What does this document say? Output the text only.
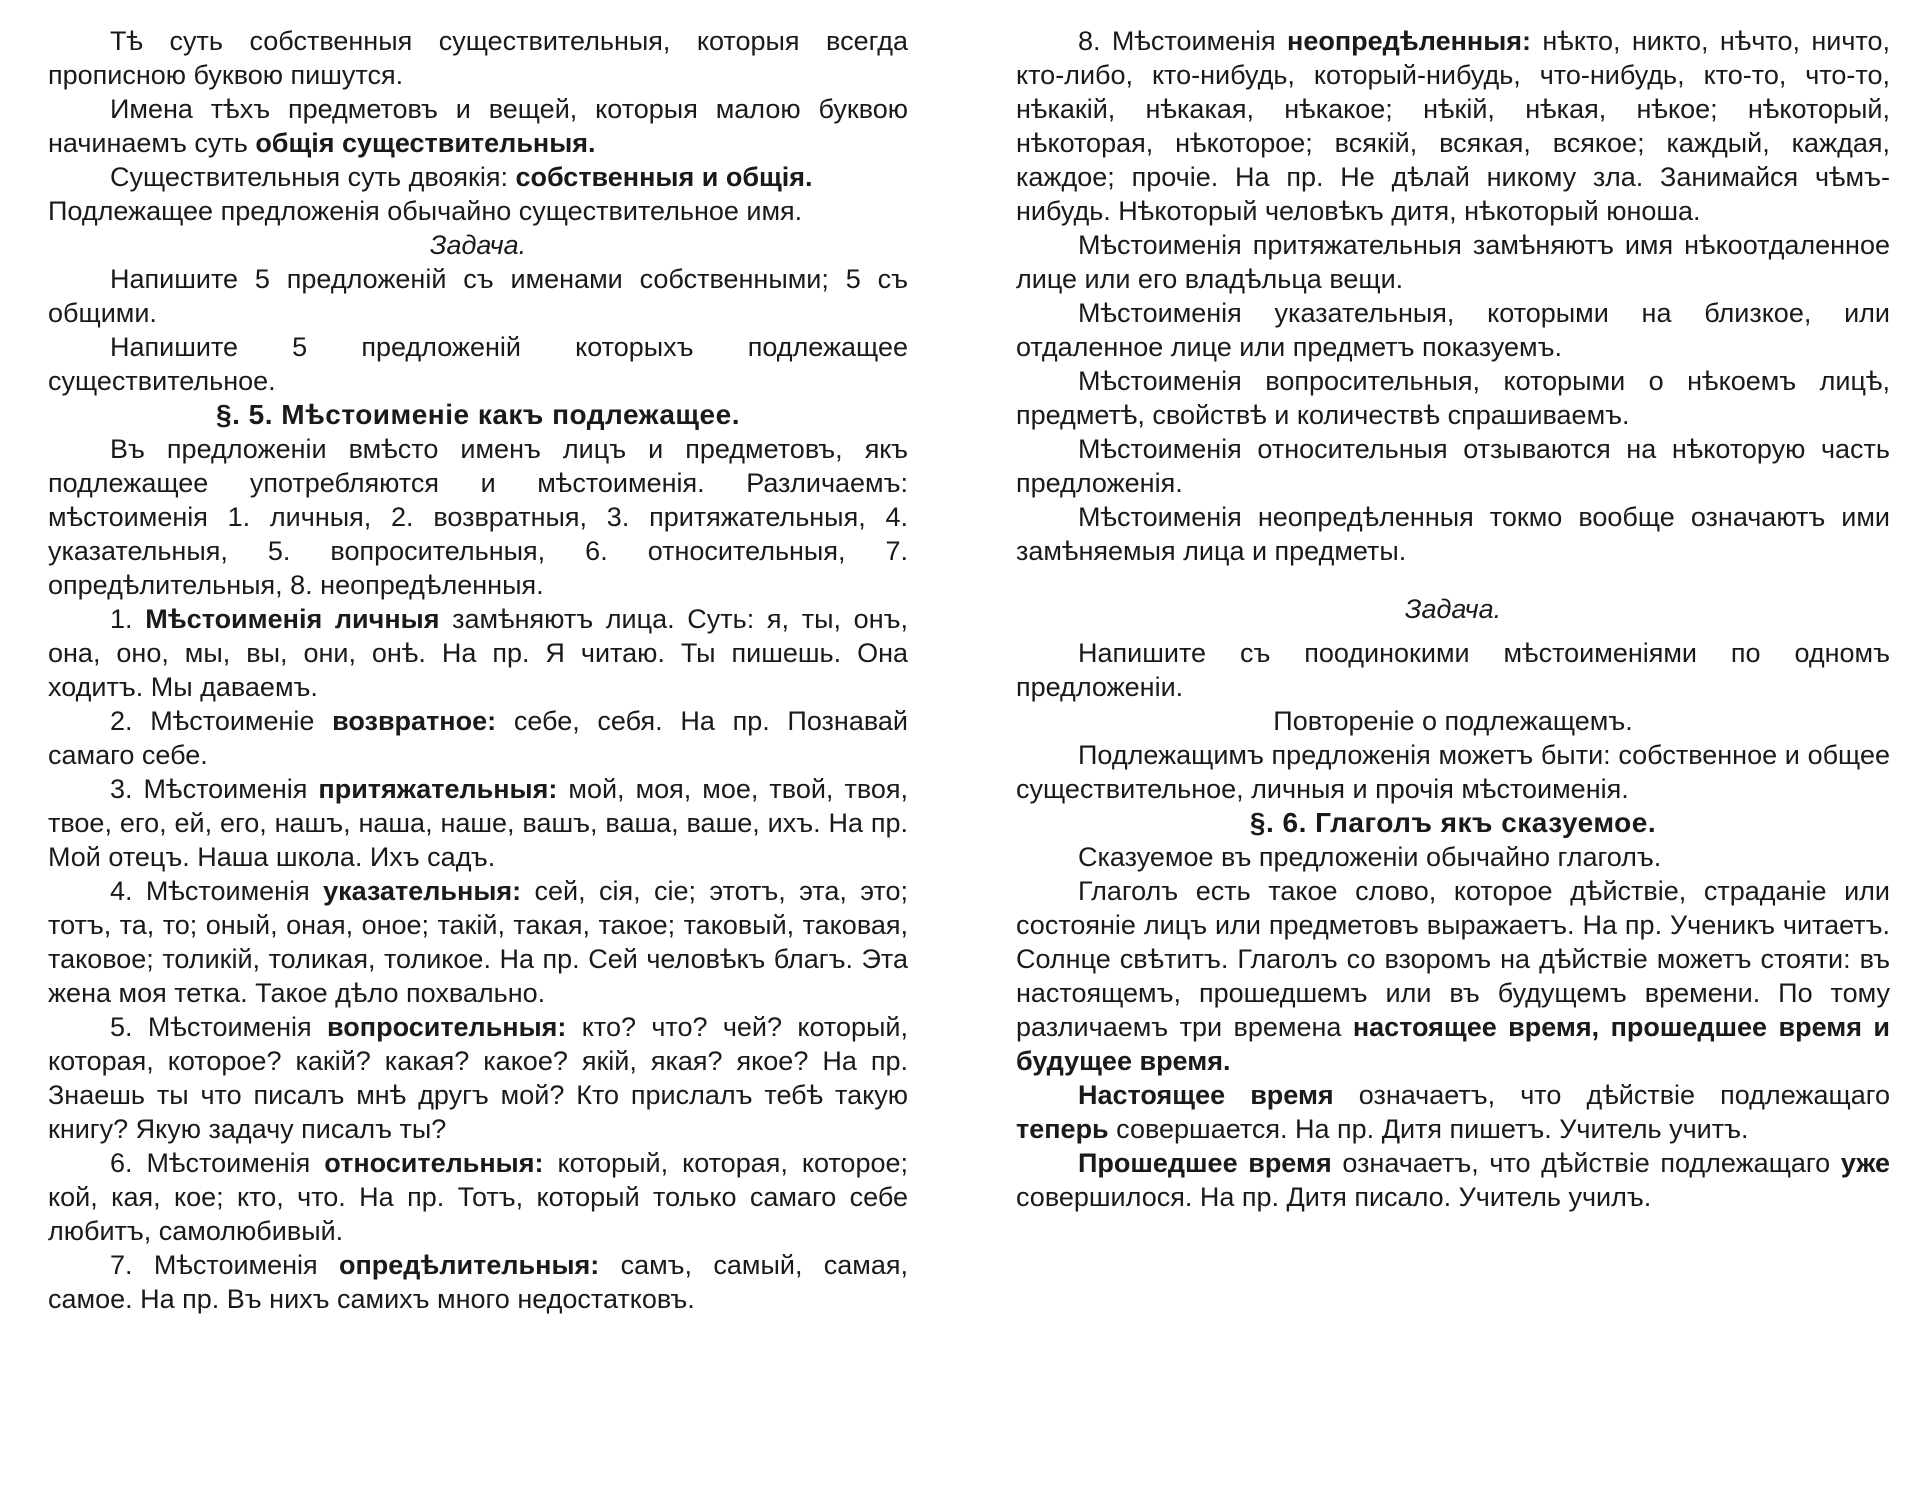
Тѣ суть собственныя существительныя, которыя всегда прописною буквою пишутся.

Имена тѣхъ предметовъ и вещей, которыя малою буквою начинаемъ суть общія существительныя.

Существительныя суть двоякія: собственныя и общія.

Подлежащее предложенія обычайно существительное имя.

Задача.

Напишите 5 предложеній съ именами собственными; 5 съ общими.

Напишите 5 предложеній которыхъ подлежащее существительное.

§. 5. Мѣстоименіе какъ подлежащее.

Въ предложеніи вмѣсто именъ лицъ и предметовъ, якъ подлежащее употребляются и мѣстоименія. Различаемъ: мѣстоименія 1. личныя, 2. возвратныя, 3. притяжательныя, 4. указательныя, 5. вопросительныя, 6. относительныя, 7. опредѣлительныя, 8. неопредѣленныя.

1. Мѣстоименія личныя замѣняютъ лица. Суть: я, ты, онъ, она, оно, мы, вы, они, онѣ. На пр. Я читаю. Ты пишешь. Она ходитъ. Мы даваемъ.

2. Мѣстоименіе возвратное: себе, себя. На пр. Познавай самаго себе.

3. Мѣстоименія притяжательныя: мой, моя, мое, твой, твоя, твое, его, ей, его, нашъ, наша, наше, вашъ, ваша, ваше, ихъ. На пр. Мой отецъ. Наша школа. Ихъ садъ.

4. Мѣстоименія указательныя: сей, сія, сіе; этотъ, эта, это; тотъ, та, то; оный, оная, оное; такій, такая, такое; таковый, таковая, таковое; толикій, толикая, толикое. На пр. Сей человѣкъ благъ. Эта жена моя тетка. Такое дѣло похвально.

5. Мѣстоименія вопросительныя: кто? что? чей? который, которая, которое? какій? какая? какое? якій, якая? якое? На пр. Знаешь ты что писалъ мнѣ другъ мой? Кто прислалъ тебѣ такую книгу? Якую задачу писалъ ты?

6. Мѣстоименія относительныя: который, которая, которое; кой, кая, кое; кто, что. На пр. Тотъ, который только самаго себе любитъ, самолюбивый.

7. Мѣстоименія опредѣлительныя: самъ, самый, самая, самое. На пр. Въ нихъ самихъ много недостатковъ.

8. Мѣстоименія неопредѣленныя: нѣкто, никто, нѣчто, ничто, кто-либо, кто-нибудь, который-нибудь, что-нибудь, кто-то, что-то, нѣкакій, нѣкакая, нѣкакое; нѣкій, нѣкая, нѣкое; нѣкоторый, нѣкоторая, нѣкоторое; всякій, всякая, всякое; каждый, каждая, каждое; прочіе. На пр. Не дѣлай никому зла. Занимайся чѣмъ-нибудь. Нѣкоторый человѣкъ дитя, нѣкоторый юноша.

Мѣстоименія притяжательныя замѣняютъ имя нѣкоотдаленное лице или его владѣльца вещи.

Мѣстоименія указательныя, которыми на близкое, или отдаленное лице или предметъ показуемъ.

Мѣстоименія вопросительныя, которыми о нѣкоемъ лицѣ, предметѣ, свойствѣ и количествѣ спрашиваемъ.

Мѣстоименія относительныя отзываются на нѣкоторую часть предложенія.

Мѣстоименія неопредѣленныя токмо вообще означаютъ ими замѣняемыя лица и предметы.

Задача.

Напишите съ поодинокими мѣстоименіями по одномъ предложеніи.

Повтореніе о подлежащемъ.

Подлежащимъ предложенія можетъ быти: собственное и общее существительное, личныя и прочія мѣстоименія.

§. 6. Глаголъ якъ сказуемое.

Сказуемое въ предложеніи обычайно глаголъ.

Глаголъ есть такое слово, которое дѣйствіе, страданіе или состояніе лицъ или предметовъ выражаетъ. На пр. Ученикъ читаетъ. Солнце свѣтитъ. Глаголъ со взоромъ на дѣйствіе можетъ стояти: въ настоящемъ, прошедшемъ или въ будущемъ времени. По тому различаемъ три времена настоящее время, прошедшее время и будущее время.

Настоящее время означаетъ, что дѣйствіе подлежащаго теперь совершается. На пр. Дитя пишетъ. Учитель учитъ.

Прошедшее время означаетъ, что дѣйствіе подлежащаго уже совершилося. На пр. Дитя писало. Учитель училъ.
